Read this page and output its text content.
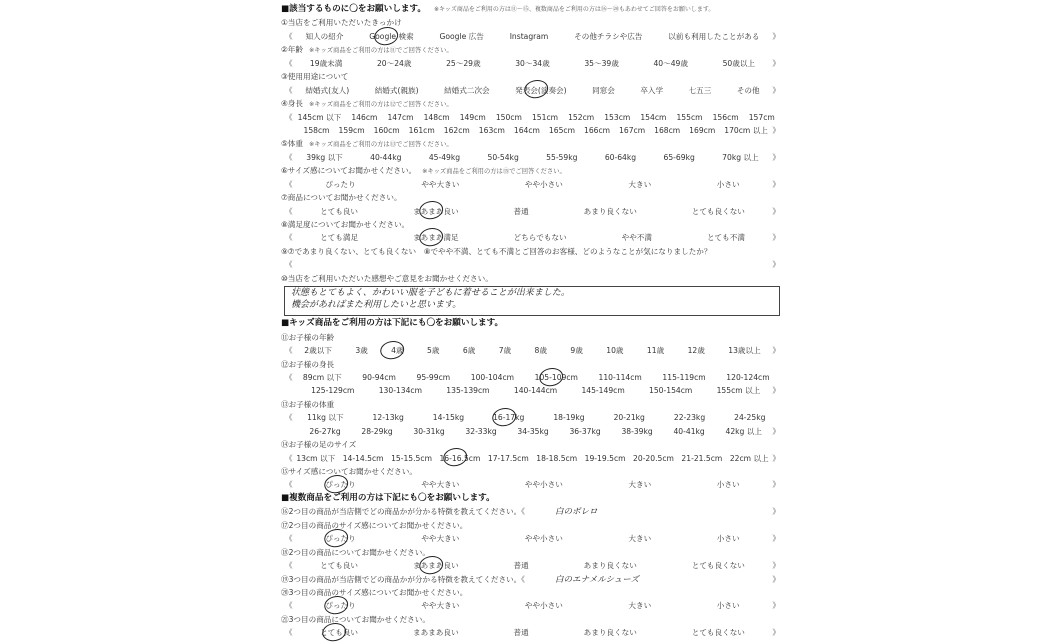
■該当するものに〇をお願いします。 ※キッズ商品をご利用の方は⑪～⑮、複数商品をご利用の方は⑯～⑳もあわせてご回答をお願いします。
①当店をご利用いただいたきっかけ
《 知人の紹介	Google 検索	Google 広告	Instagram	その他チラシや広告	以前も利用したことがある 》
②年齢 ※キッズ商品をご利用の方は⑪でご回答ください。
《 19歳未満	20～24歳	25～29歳	30～34歳	35～39歳	40～49歳	50歳以上 》
③使用用途について
《 結婚式(友人)	結婚式(親族)	結婚式二次会	発表会(演奏会)	同窓会	卒入学	七五三	その他 》
④身長 ※キッズ商品をご利用の方は⑫でご回答ください。
《 145cm 以下 146cm 147cm 148cm 149cm 150cm 151cm 152cm 153cm 154cm 155cm 156cm 157cm
158cm 159cm 160cm 161cm 162cm 163cm 164cm 165cm 166cm 167cm 168cm 169cm 170cm 以上 》
⑤体重 ※キッズ商品をご利用の方は⑬でご回答ください。
《 39kg 以下	40-44kg	45-49kg	50-54kg	55-59kg	60-64kg	65-69kg	70kg 以上 》
⑥サイズ感についてお聞かせください。 ※キッズ商品をご利用の方は⑮でご回答ください。
《	ぴったり	やや大きい	やや小さい	大きい	小さい	》
⑦商品についてお聞かせください。
《	とても良い	まあまあ良い	普通	あまり良くない	とても良くない	》
⑧満足度についてお聞かせください。
《	とても満足	まあまあ満足	どちらでもない	やや不満	とても不満	》
⑨⑦であまり良くない、とても良くない　⑧でやや不満、とても不満とご回答のお客様、どのようなことが気になりましたか？
《	》
⑩当店をご利用いただいた感想やご意見をお聞かせください。
状態もとてもよく、かわいい服を子どもに着せることが出来ました。
機会があればまた利用したいと思います。
■キッズ商品をご利用の方は下記にも〇をお願いします。
⑪お子様の年齢
《 2歳以下	3歳	4歳	5歳	6歳	7歳	8歳	9歳	10歳	11歳	12歳	13歳以上 》
⑫お子様の身長
《 89cm 以下	90-94cm	95-99cm	100-104cm	105-109cm	110-114cm	115-119cm	120-124cm
125-129cm	130-134cm	135-139cm	140-144cm	145-149cm	150-154cm	155cm 以上 》
⑬お子様の体重
《 11kg 以下	12-13kg	14-15kg	16-17kg	18-19kg	20-21kg	22-23kg	24-25kg
26-27kg	28-29kg	30-31kg	32-33kg	34-35kg	36-37kg	38-39kg	40-41kg	42kg 以上 》
⑭お子様の足のサイズ
《 13cm 以下 14-14.5cm 15-15.5cm 16-16.5cm 17-17.5cm 18-18.5cm 19-19.5cm 20-20.5cm 21-21.5cm 22cm 以上 》
⑮サイズ感についてお聞かせください。
《	ぴったり	やや大きい	やや小さい	大きい	小さい	》
■複数商品をご利用の方は下記にも〇をお願いします。
⑯2つ目の商品が当店側でどの商品かが分かる特徴を教えてください。《	白のボレロ	》
⑰2つ目の商品のサイズ感についてお聞かせください。
《	ぴったり	やや大きい	やや小さい	大きい	小さい	》
⑱2つ目の商品についてお聞かせください。
《	とても良い	まあまあ良い	普通	あまり良くない	とても良くない	》
⑲3つ目の商品が当店側でどの商品かが分かる特徴を教えてください。《	白のエナメルシューズ	》
⑳3つ目の商品のサイズ感についてお聞かせください。
《	ぴったり	やや大きい	やや小さい	大きい	小さい	》
㉑3つ目の商品についてお聞かせください。
《	とても良い	まあまあ良い	普通	あまり良くない	とても良くない	》
